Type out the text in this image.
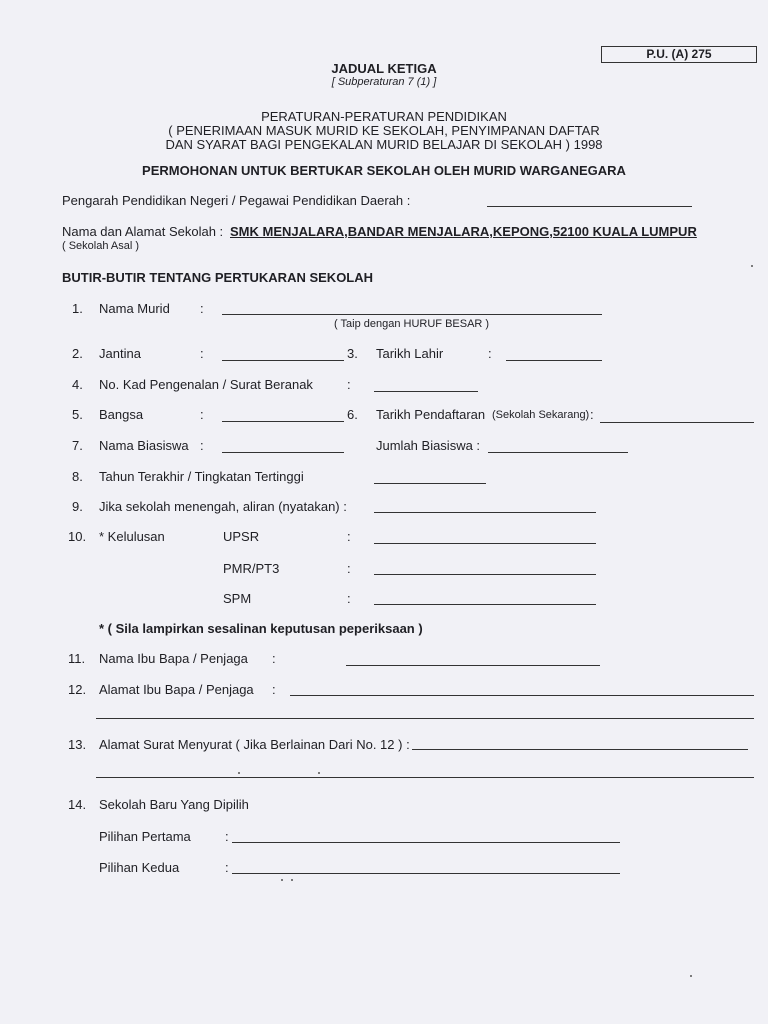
P.U. (A) 275
JADUAL KETIGA
[ Subperaturan 7 (1) ]
PERATURAN-PERATURAN PENDIDIKAN
( PENERIMAAN MASUK MURID KE SEKOLAH, PENYIMPANAN DAFTAR
DAN SYARAT BAGI PENGEKALAN MURID BELAJAR DI SEKOLAH ) 1998
PERMOHONAN UNTUK BERTUKAR SEKOLAH OLEH MURID WARGANEGARA
Pengarah Pendidikan Negeri / Pegawai Pendidikan Daerah :
Nama dan Alamat Sekolah : SMK MENJALARA,BANDAR MENJALARA,KEPONG,52100 KUALA LUMPUR
( Sekolah Asal )
BUTIR-BUTIR TENTANG PERTUKARAN SEKOLAH
1. Nama Murid :
( Taip dengan HURUF BESAR )
2. Jantina	:	3. Tarikh Lahir	:
4. No. Kad Pengenalan / Surat Beranak	:
5. Bangsa	:	6. Tarikh Pendaftaran (Sekolah Sekarang) :
7. Nama Biasiswa :	Jumlah Biasiswa :
8. Tahun Terakhir / Tingkatan Tertinggi
9. Jika sekolah menengah, aliran (nyatakan) :
10. * Kelulusan	UPSR	:
PMR/PT3	:
SPM	:
* ( Sila lampirkan sesalinan keputusan peperiksaan )
11. Nama Ibu Bapa / Penjaga :
12. Alamat Ibu Bapa / Penjaga :
13. Alamat Surat Menyurat ( Jika Berlainan Dari No. 12 ) :
14. Sekolah Baru Yang Dipilih
Pilihan Pertama	:
Pilihan Kedua	:
